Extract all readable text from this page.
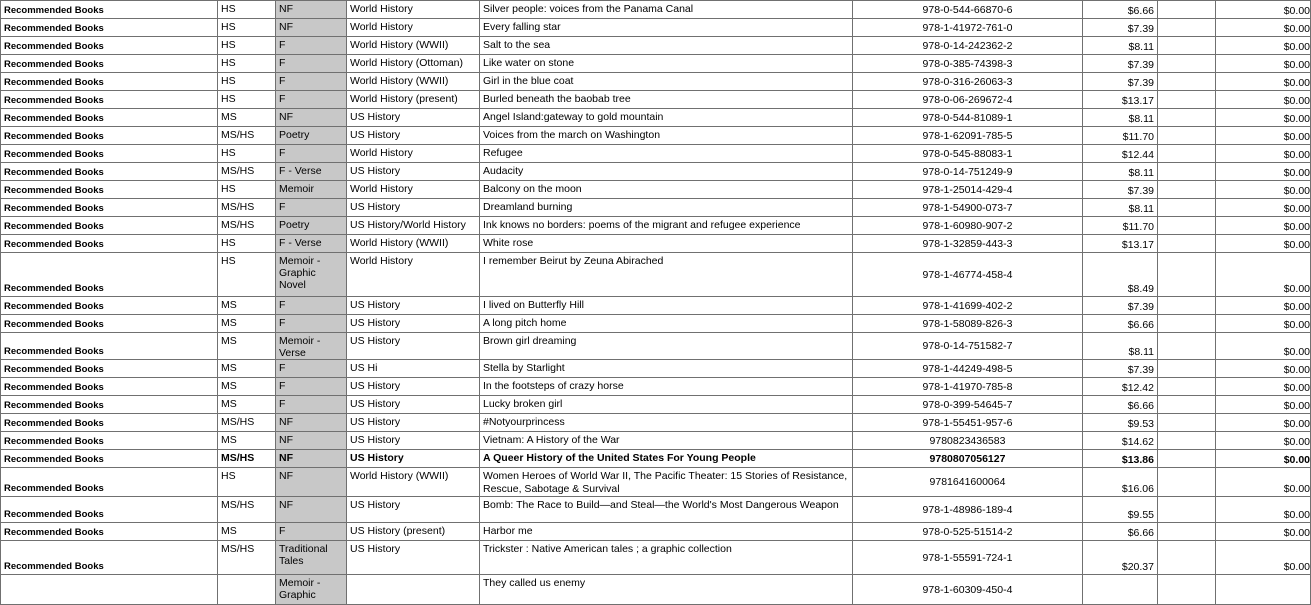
Recommended Books	HS	NF	World History	Silver people: voices from the Panama Canal	978-0-544-66870-6	$6.66		$0.00
Recommended Books	HS	NF	World History	Every falling star	978-1-41972-761-0	$7.39		$0.00
Recommended Books	HS	F	World History (WWII)	Salt to the sea	978-0-14-242362-2	$8.11		$0.00
Recommended Books	HS	F	World History (Ottoman)	Like water on stone	978-0-385-74398-3	$7.39		$0.00
Recommended Books	HS	F	World History (WWII)	Girl in the blue coat	978-0-316-26063-3	$7.39		$0.00
Recommended Books	HS	F	World History (present)	Burled beneath the baobab tree	978-0-06-269672-4	$13.17		$0.00
Recommended Books	MS	NF	US History	Angel Island:gateway to gold mountain	978-0-544-81089-1	$8.11		$0.00
Recommended Books	MS/HS	Poetry	US History	Voices from the march on Washington	978-1-62091-785-5	$11.70		$0.00
Recommended Books	HS	F	World History	Refugee	978-0-545-88083-1	$12.44		$0.00
Recommended Books	MS/HS	F - Verse	US History	Audacity	978-0-14-751249-9	$8.11		$0.00
Recommended Books	HS	Memoir	World History	Balcony on the moon	978-1-25014-429-4	$7.39		$0.00
Recommended Books	MS/HS	F	US History	Dreamland burning	978-1-54900-073-7	$8.11		$0.00
Recommended Books	MS/HS	Poetry	US History/World History	Ink knows no borders: poems of the migrant and refugee experience	978-1-60980-907-2	$11.70		$0.00
Recommended Books	HS	F - Verse	World History (WWII)	White rose	978-1-32859-443-3	$13.17		$0.00
Recommended Books	HS	Memoir - Graphic Novel	World History	I remember Beirut by Zeuna Abirached	978-1-46774-458-4	$8.49		$0.00
Recommended Books	MS	F	US History	I lived on Butterfly Hill	978-1-41699-402-2	$7.39		$0.00
Recommended Books	MS	F	US History	A long pitch home	978-1-58089-826-3	$6.66		$0.00
Recommended Books	MS	Memoir - Verse	US History	Brown girl dreaming	978-0-14-751582-7	$8.11		$0.00
Recommended Books	MS	F	US Hi	Stella by Starlight	978-1-44249-498-5	$7.39		$0.00
Recommended Books	MS	F	US History	In the footsteps of crazy horse	978-1-41970-785-8	$12.42		$0.00
Recommended Books	MS	F	US History	Lucky broken girl	978-0-399-54645-7	$6.66		$0.00
Recommended Books	MS/HS	NF	US History	#Notyourprincess	978-1-55451-957-6	$9.53		$0.00
Recommended Books	MS	NF	US History	Vietnam: A History of the War	9780823436583	$14.62		$0.00
Recommended Books	MS/HS	NF	US History	A Queer History of the United States For Young People	9780807056127	$13.86		$0.00
Recommended Books	HS	NF	World History (WWII)	Women Heroes of World War II, The Pacific Theater: 15 Stories of Resistance, Rescue, Sabotage & Survival	9781641600064	$16.06		$0.00
Recommended Books	MS/HS	NF	US History	Bomb: The Race to Build—and Steal—the World's Most Dangerous Weapon	978-1-48986-189-4	$9.55		$0.00
Recommended Books	MS	F	US History (present)	Harbor me	978-0-525-51514-2	$6.66		$0.00
Recommended Books	MS/HS	Traditional Tales	US History	Trickster : Native American tales ; a graphic collection	978-1-55591-724-1	$20.37		$0.00
		Memoir - Graphic		They called us enemy	978-1-60309-450-4			
